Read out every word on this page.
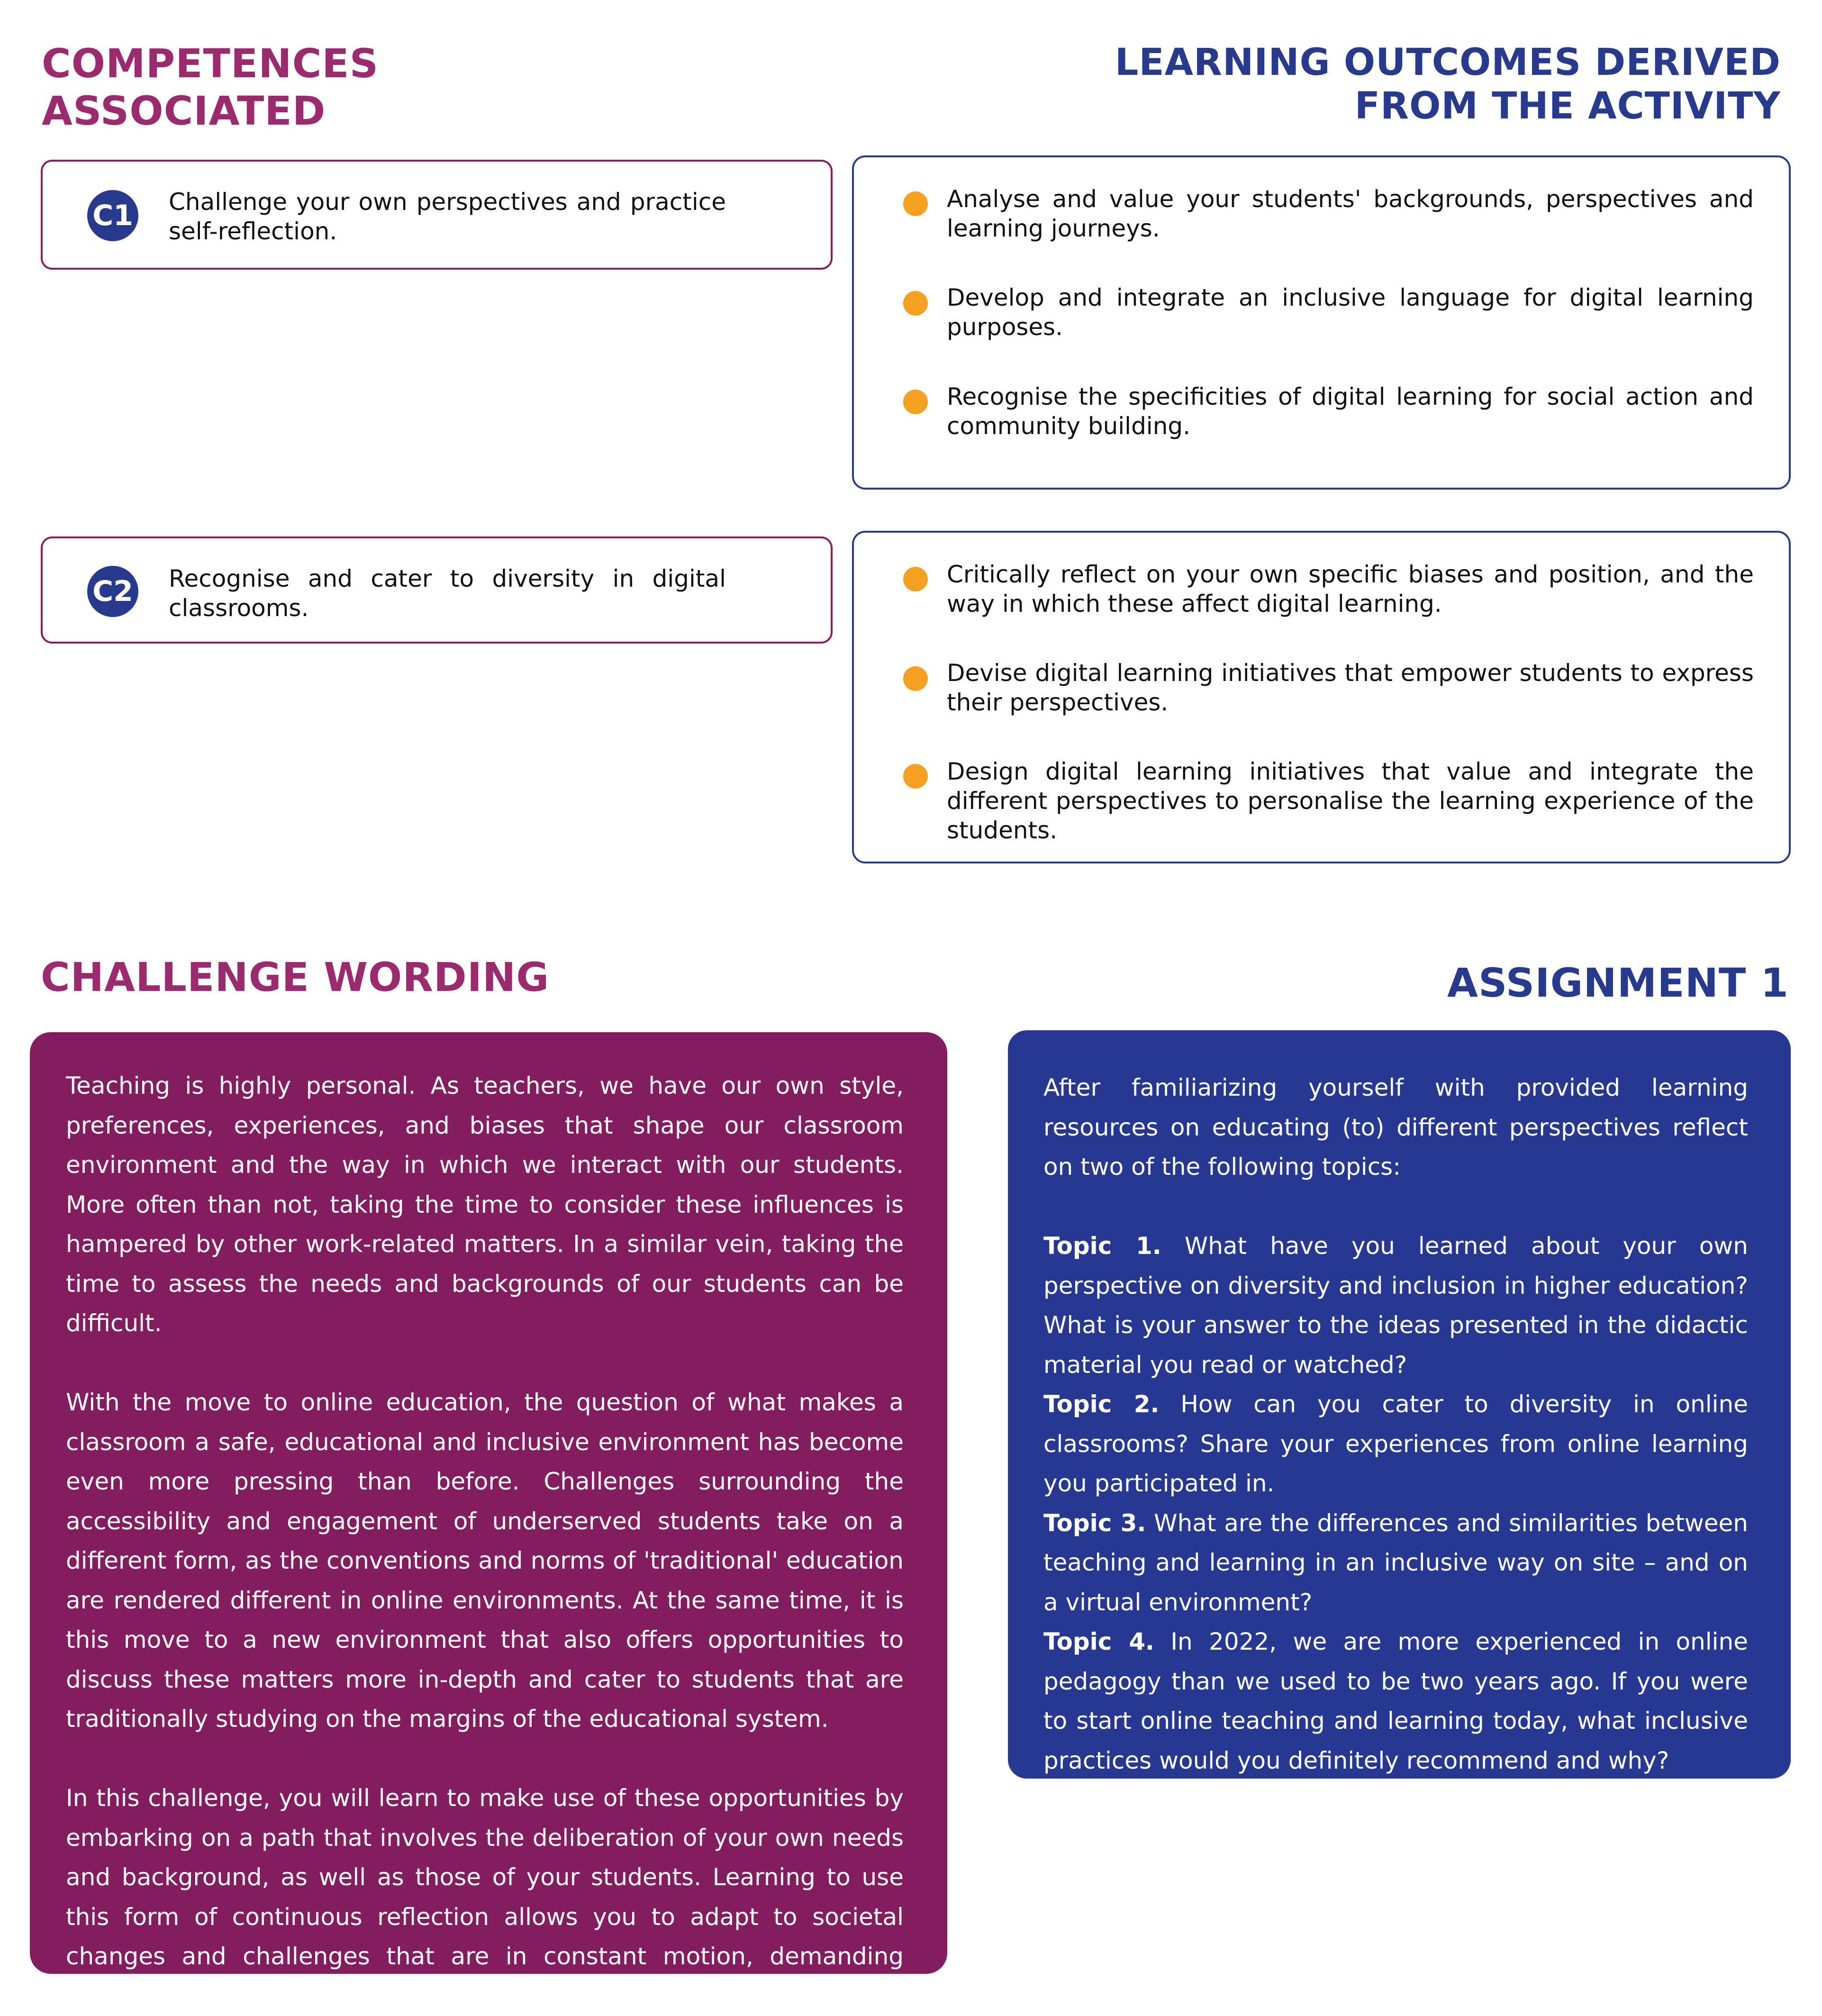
COMPETENCES
ASSOCIATED
LEARNING OUTCOMES DERIVED
FROM THE ACTIVITY
C1 Challenge your own perspectives and practice self-reflection.
C2 Recognise and cater to diversity in digital classrooms.
Analyse and value your students' backgrounds, perspectives and learning journeys.
Develop and integrate an inclusive language for digital learning purposes.
Recognise the specificities of digital learning for social action and community building.
Critically reflect on your own specific biases and position, and the way in which these affect digital learning.
Devise digital learning initiatives that empower students to express their perspectives.
Design digital learning initiatives that value and integrate the different perspectives to personalise the learning experience of the students.
CHALLENGE WORDING	ASSIGNMENT 1

Teaching is highly personal. As teachers, we have our own style, preferences, experiences, and biases that shape our classroom environment and the way in which we interact with our students. More often than not, taking the time to consider these influences is hampered by other work-related matters. In a similar vein, taking the time to assess the needs and backgrounds of our students can be difficult.

With the move to online education, the question of what makes a classroom a safe, educational and inclusive environment has become even more pressing than before. Challenges surrounding the accessibility and engagement of underserved students take on a different form, as the conventions and norms of 'traditional' education are rendered different in online environments. At the same time, it is this move to a new environment that also offers opportunities to discuss these matters more in-depth and cater to students that are traditionally studying on the margins of the educational system.

In this challenge, you will learn to make use of these opportunities by embarking on a path that involves the deliberation of your own needs and background, as well as those of your students. Learning to use this form of continuous reflection allows you to adapt to societal changes and challenges that are in constant motion, demanding different forms of education.

After familiarizing yourself with provided learning resources on educating (to) different perspectives reflect on two of the following topics:

Topic 1. What have you learned about your own perspective on diversity and inclusion in higher education? What is your answer to the ideas presented in the didactic material you read or watched?

Topic 2. How can you cater to diversity in online classrooms? Share your experiences from online learning you participated in.

Topic 3. What are the differences and similarities between teaching and learning in an inclusive way on site – and on a virtual environment?

Topic 4. In 2022, we are more experienced in online pedagogy than we used to be two years ago. If you were to start online teaching and learning today, what inclusive practices would you definitely recommend and why?
